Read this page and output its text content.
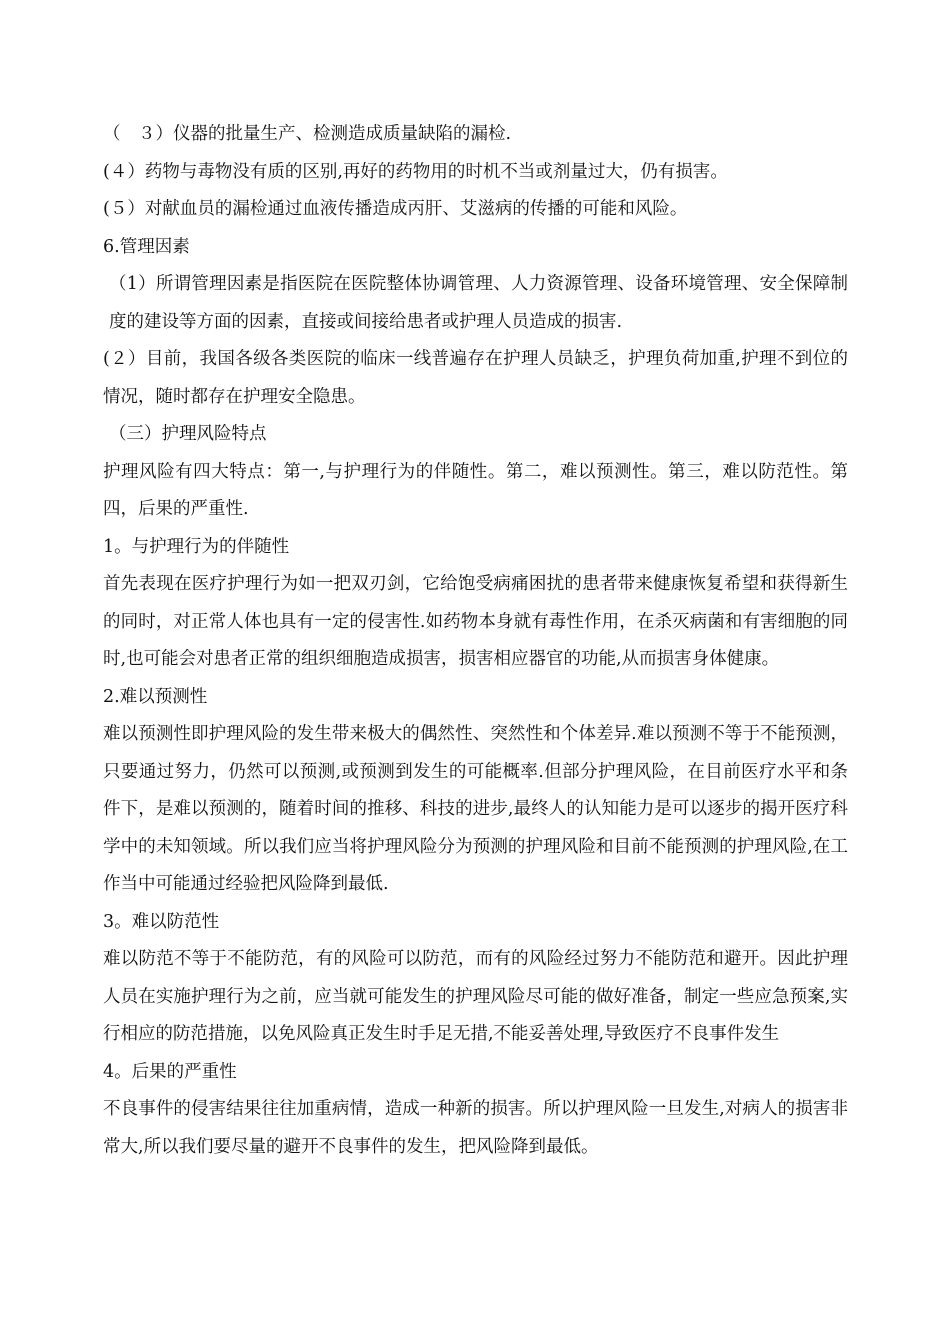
（　３）仪器的批量生产、检测造成质量缺陷的漏检.

(４）药物与毒物没有质的区别,再好的药物用的时机不当或剂量过大，仍有损害。

(５）对献血员的漏检通过血液传播造成丙肝、艾滋病的传播的可能和风险。

6.管理因素

（1）所谓管理因素是指医院在医院整体协调管理、人力资源管理、设备环境管理、安全保障制度的建设等方面的因素，直接或间接给患者或护理人员造成的损害.

(２）目前，我国各级各类医院的临床一线普遍存在护理人员缺乏，护理负荷加重,护理不到位的情况，随时都存在护理安全隐患。

（三）护理风险特点

护理风险有四大特点：第一,与护理行为的伴随性。第二，难以预测性。第三，难以防范性。第四，后果的严重性.

1。与护理行为的伴随性

首先表现在医疗护理行为如一把双刃剑，它给饱受病痛困扰的患者带来健康恢复希望和获得新生的同时，对正常人体也具有一定的侵害性.如药物本身就有毒性作用，在杀灭病菌和有害细胞的同时,也可能会对患者正常的组织细胞造成损害，损害相应器官的功能,从而损害身体健康。

2.难以预测性

难以预测性即护理风险的发生带来极大的偶然性、突然性和个体差异.难以预测不等于不能预测，只要通过努力，仍然可以预测,或预测到发生的可能概率.但部分护理风险，在目前医疗水平和条件下，是难以预测的，随着时间的推移、科技的进步,最终人的认知能力是可以逐步的揭开医疗科学中的未知领域。所以我们应当将护理风险分为预测的护理风险和目前不能预测的护理风险,在工作当中可能通过经验把风险降到最低.

3。难以防范性

难以防范不等于不能防范，有的风险可以防范，而有的风险经过努力不能防范和避开。因此护理人员在实施护理行为之前，应当就可能发生的护理风险尽可能的做好准备，制定一些应急预案,实行相应的防范措施，以免风险真正发生时手足无措,不能妥善处理,导致医疗不良事件发生

4。后果的严重性

不良事件的侵害结果往往加重病情，造成一种新的损害。所以护理风险一旦发生,对病人的损害非常大,所以我们要尽量的避开不良事件的发生，把风险降到最低。
